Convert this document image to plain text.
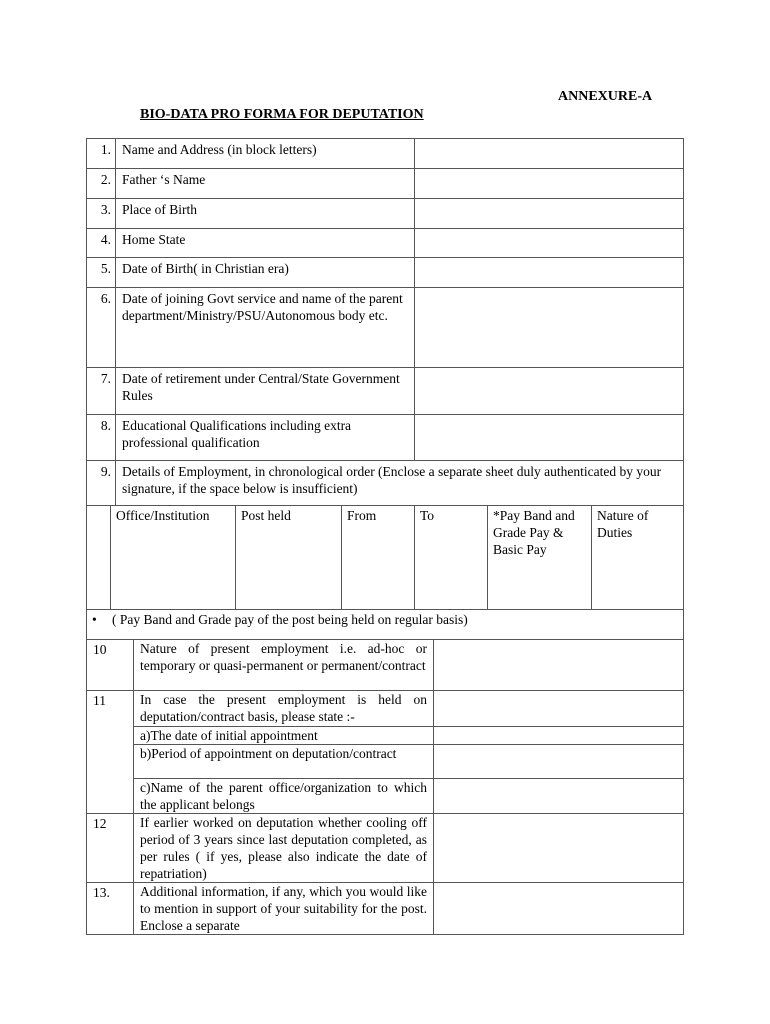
ANNEXURE-A
BIO-DATA PRO FORMA FOR DEPUTATION
1.	Name and Address (in block letters)	
2.	Father ‘s Name	
3.	Place of Birth	
4.	Home State	
5.	Date of Birth( in Christian era)	
6.	Date of joining Govt service and name of the parent department/Ministry/PSU/Autonomous body etc.	
7.	Date of retirement under Central/State Government Rules	
8.	Educational Qualifications including extra professional qualification	
9.	Details of Employment, in chronological order (Enclose a separate sheet duly authenticated by your signature, if the space below is insufficient)	
	Office/Institution	Post held	From	To	*Pay Band and Grade Pay & Basic Pay	Nature of Duties
• ( Pay Band and Grade pay of the post being held on regular basis)
10	Nature of present employment i.e. ad-hoc or temporary or quasi-permanent or permanent/contract	
11	In case the present employment is held on deputation/contract basis, please state :-	
	a)The date of initial appointment	
	b)Period of appointment on deputation/contract	
	c)Name of the parent office/organization to which the applicant belongs	
12	If earlier worked on deputation whether cooling off period of 3 years since last deputation completed, as per rules ( if yes, please also indicate the date of repatriation)	
13.	Additional information, if any, which you would like to mention in support of your suitability for the post. Enclose a separate	
